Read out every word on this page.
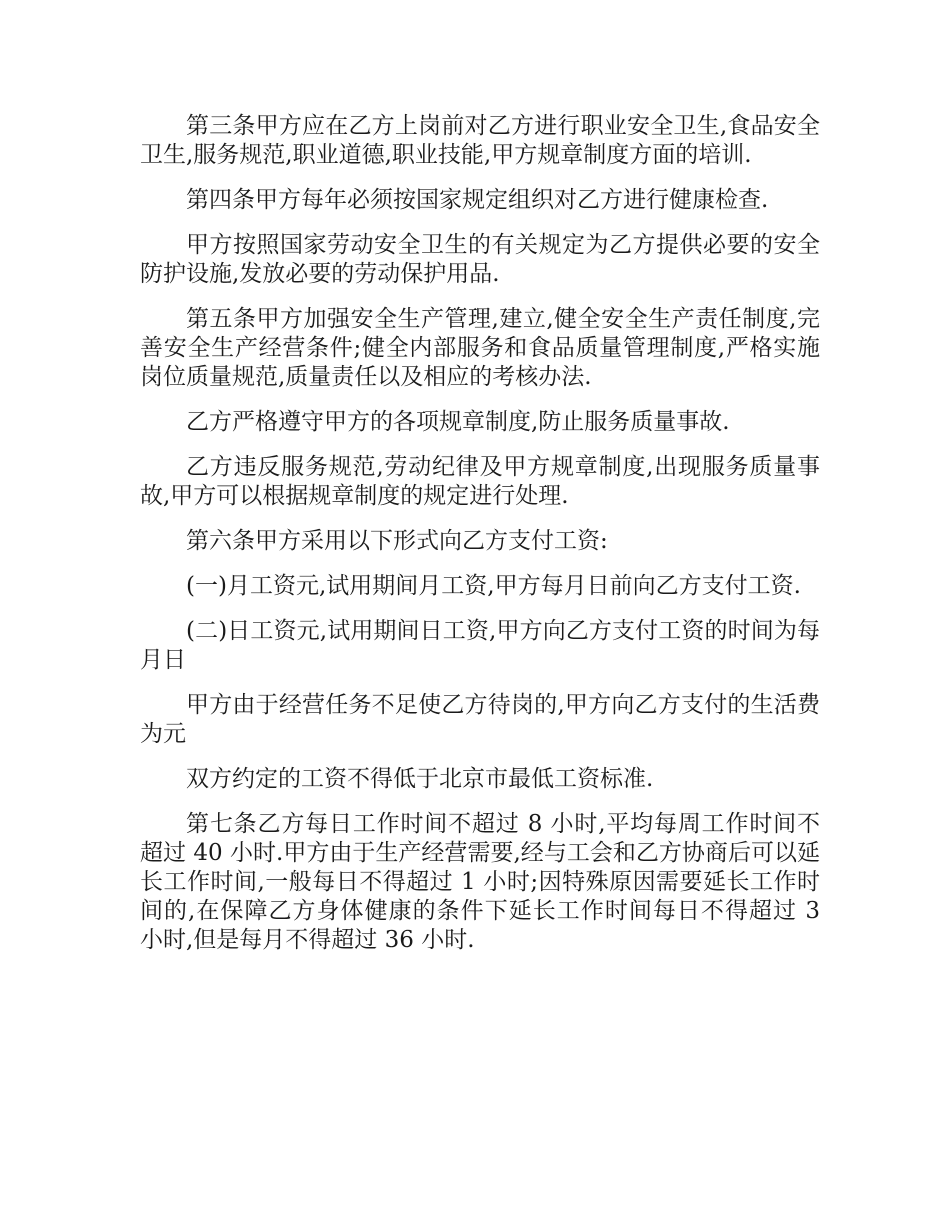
第三条甲方应在乙方上岗前对乙方进行职业安全卫生,食品安全卫生,服务规范,职业道德,职业技能,甲方规章制度方面的培训.

第四条甲方每年必须按国家规定组织对乙方进行健康检查.

甲方按照国家劳动安全卫生的有关规定为乙方提供必要的安全防护设施,发放必要的劳动保护用品.

第五条甲方加强安全生产管理,建立,健全安全生产责任制度,完善安全生产经营条件;健全内部服务和食品质量管理制度,严格实施岗位质量规范,质量责任以及相应的考核办法.

乙方严格遵守甲方的各项规章制度,防止服务质量事故.

乙方违反服务规范,劳动纪律及甲方规章制度,出现服务质量事故,甲方可以根据规章制度的规定进行处理.

第六条甲方采用以下形式向乙方支付工资:

(一)月工资元,试用期间月工资,甲方每月日前向乙方支付工资.

(二)日工资元,试用期间日工资,甲方向乙方支付工资的时间为每月日

甲方由于经营任务不足使乙方待岗的,甲方向乙方支付的生活费为元

双方约定的工资不得低于北京市最低工资标准.

第七条乙方每日工作时间不超过 8 小时,平均每周工作时间不超过 40 小时.甲方由于生产经营需要,经与工会和乙方协商后可以延长工作时间,一般每日不得超过 1 小时;因特殊原因需要延长工作时间的,在保障乙方身体健康的条件下延长工作时间每日不得超过 3 小时,但是每月不得超过 36 小时.
